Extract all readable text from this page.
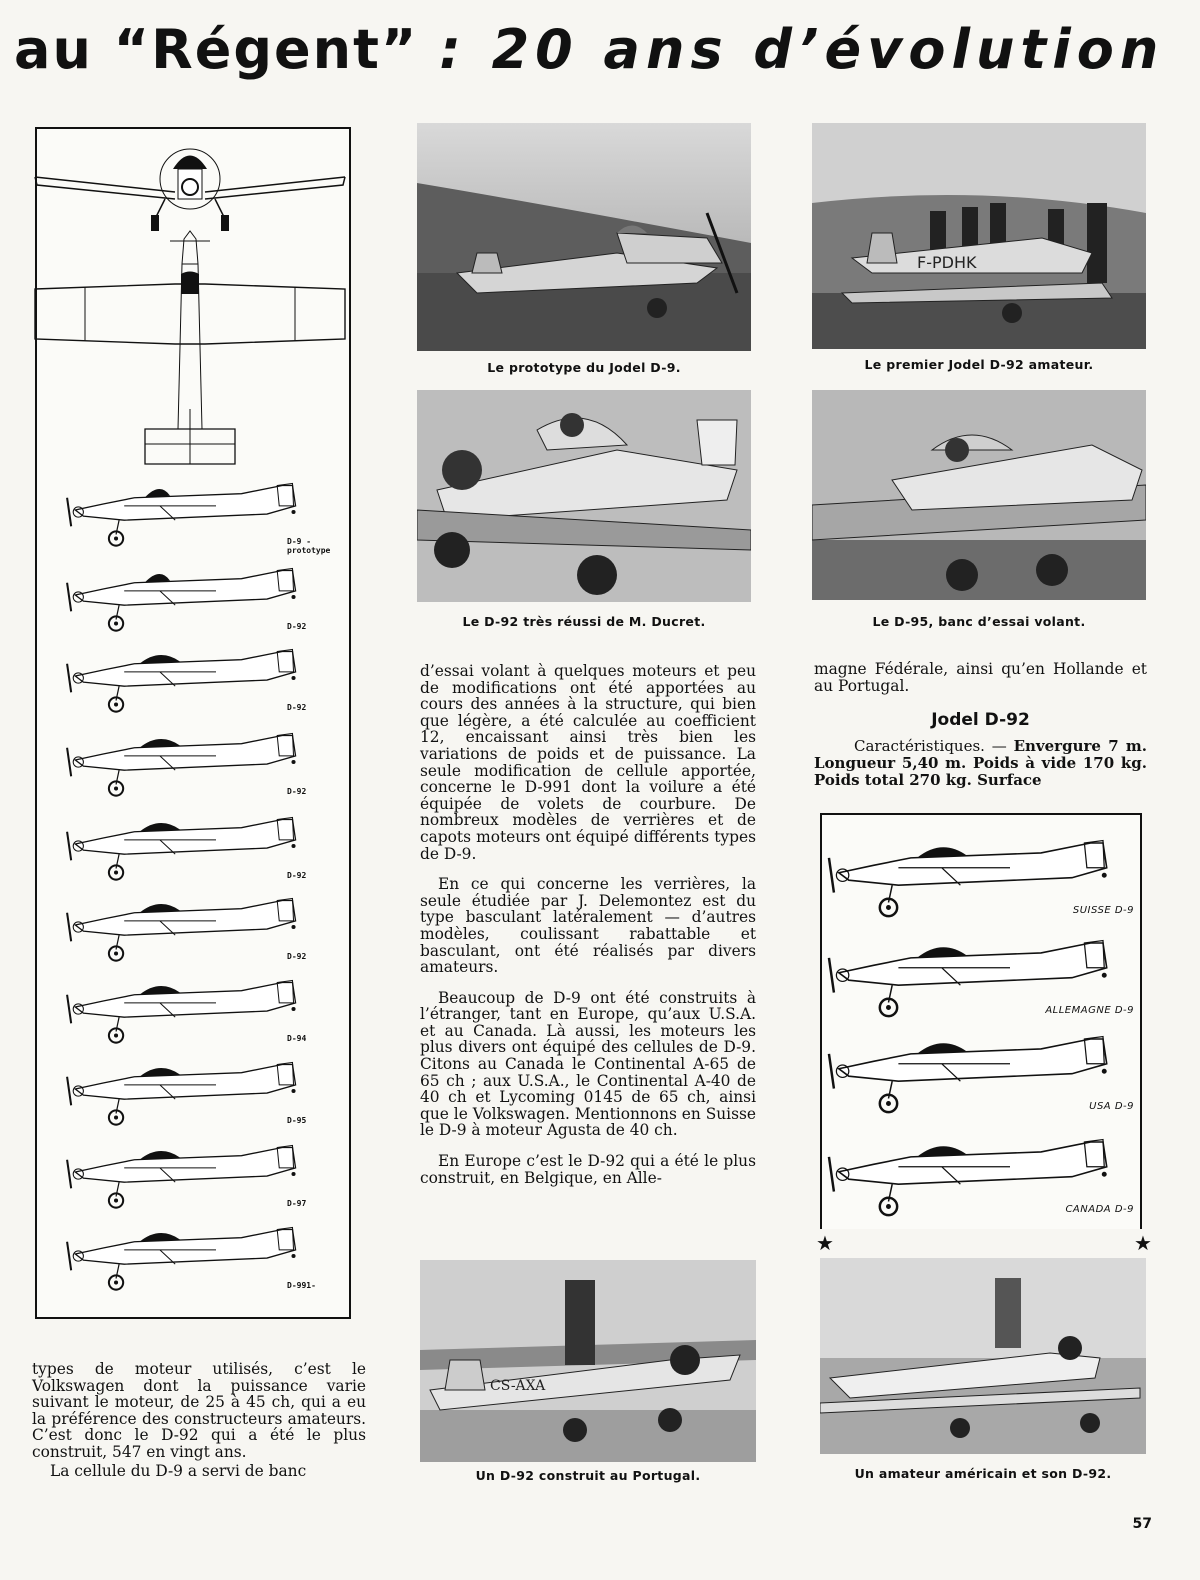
au “Régent” : 20 ans d’évolution
D-9 - prototype
D-92
D-92
D-92
D-92
D-92
D-94
D-95
D-97
D-991-
Le prototype du Jodel D-9.
F-PDHK
Le premier Jodel D-92 amateur.
Le D-92 très réussi de M. Ducret.	Le D-95, banc d’essai volant.
CS-AXA
Un D-92 construit au Portugal.	Un amateur américain et son D-92.

types de moteur utilisés, c’est le Volkswagen dont la puissance varie suivant le moteur, de 25 à 45 ch, qui a eu la préférence des constructeurs amateurs. C’est donc le D-92 qui a été le plus construit, 547 en vingt ans.

La cellule du D-9 a servi de banc

d’essai volant à quelques moteurs et peu de modifications ont été apportées au cours des années à la structure, qui bien que légère, a été calculée au coefficient 12, encaissant ainsi très bien les variations de poids et de puissance. La seule modification de cellule apportée, concerne le D-991 dont la voilure a été équipée de volets de courbure. De nombreux modèles de verrières et de capots moteurs ont équipé différents types de D-9.

En ce qui concerne les verrières, la seule étudiée par J. Delemontez est du type basculant latéralement — d’autres modèles, coulissant rabattable et basculant, ont été réalisés par divers amateurs.

Beaucoup de D-9 ont été construits à l’étranger, tant en Europe, qu’aux U.S.A. et au Canada. Là aussi, les moteurs les plus divers ont équipé des cellules de D-9. Citons au Canada le Continental A-65 de 65 ch ; aux U.S.A., le Continental A-40 de 40 ch et Lycoming 0145 de 65 ch, ainsi que le Volkswagen. Mentionnons en Suisse le D-9 à moteur Agusta de 40 ch.

En Europe c’est le D-92 qui a été le plus construit, en Belgique, en Alle-

magne Fédérale, ainsi qu’en Hollande et au Portugal.

Jodel D-92
Caractéristiques. — Envergure 7 m. Longueur 5,40 m. Poids à vide 170 kg. Poids total 270 kg. Surface
SUISSE D-9
ALLEMAGNE D-9
USA D-9
CANADA D-9
★	★
57
